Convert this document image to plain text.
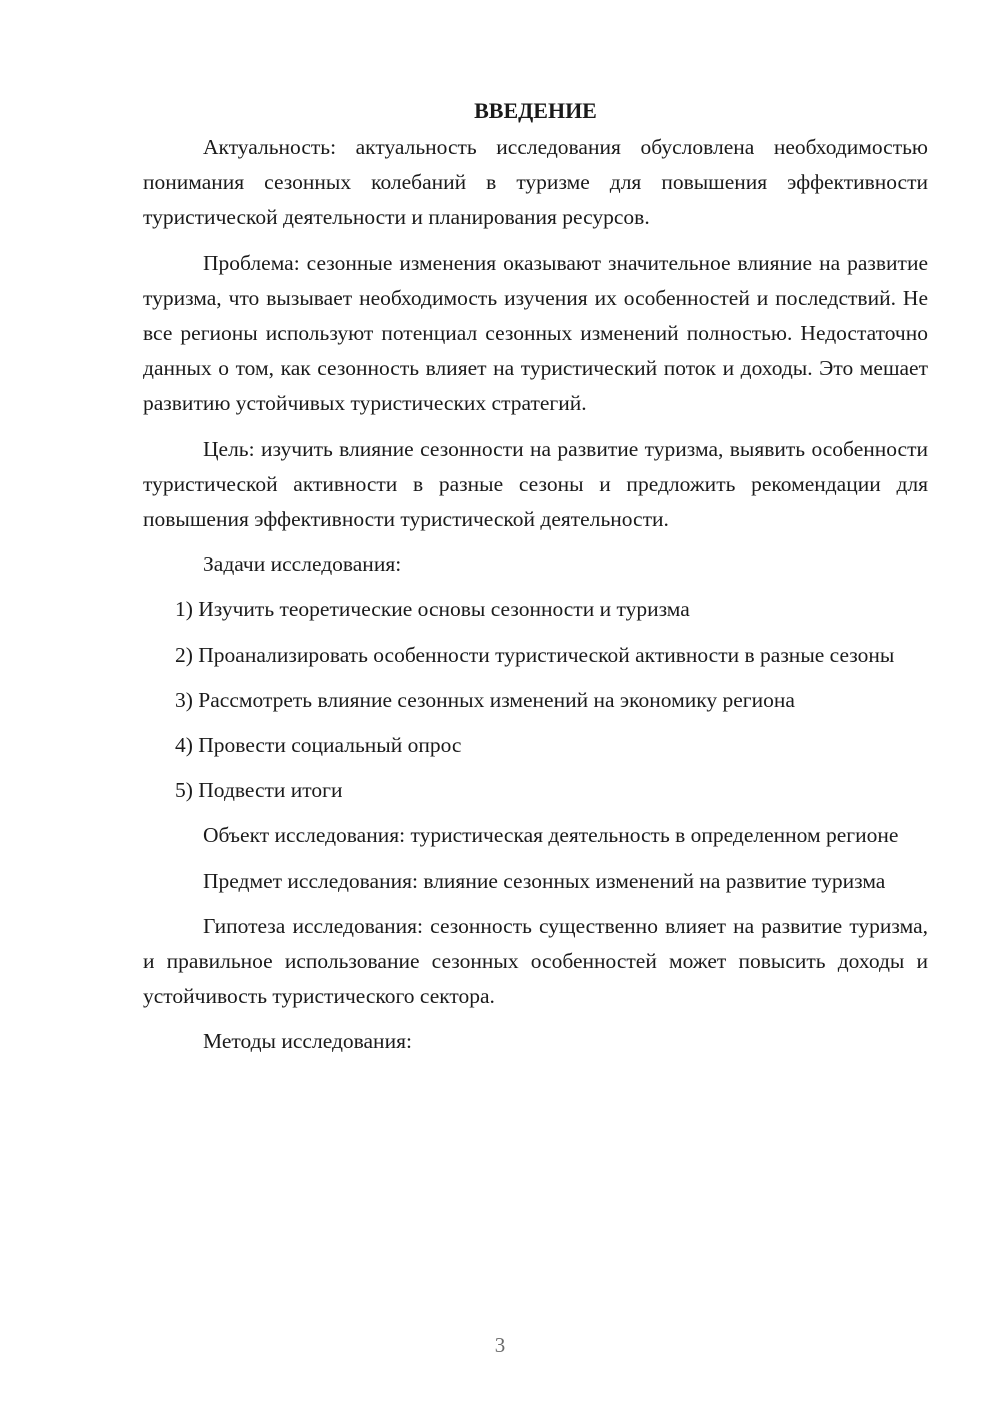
ВВЕДЕНИЕ

Актуальность: актуальность исследования обусловлена необходимостью понимания сезонных колебаний в туризме для повышения эффективности туристической деятельности и планирования ресурсов.

Проблема: сезонные изменения оказывают значительное влияние на развитие туризма, что вызывает необходимость изучения их особенностей и последствий. Не все регионы используют потенциал сезонных изменений полностью. Недостаточно данных о том, как сезонность влияет на туристический поток и доходы. Это мешает развитию устойчивых туристических стратегий.

Цель: изучить влияние сезонности на развитие туризма, выявить особенности туристической активности в разные сезоны и предложить рекомендации для повышения эффективности туристической деятельности.

Задачи исследования:

1) Изучить теоретические основы сезонности и туризма

2) Проанализировать особенности туристической активности в разные сезоны

3) Рассмотреть влияние сезонных изменений на экономику региона

4) Провести социальный опрос

5) Подвести итоги

Объект исследования: туристическая деятельность в определенном регионе

Предмет исследования: влияние сезонных изменений на развитие туризма

Гипотеза исследования: сезонность существенно влияет на развитие туризма, и правильное использование сезонных особенностей может повысить доходы и устойчивость туристического сектора.

Методы исследования:

3
